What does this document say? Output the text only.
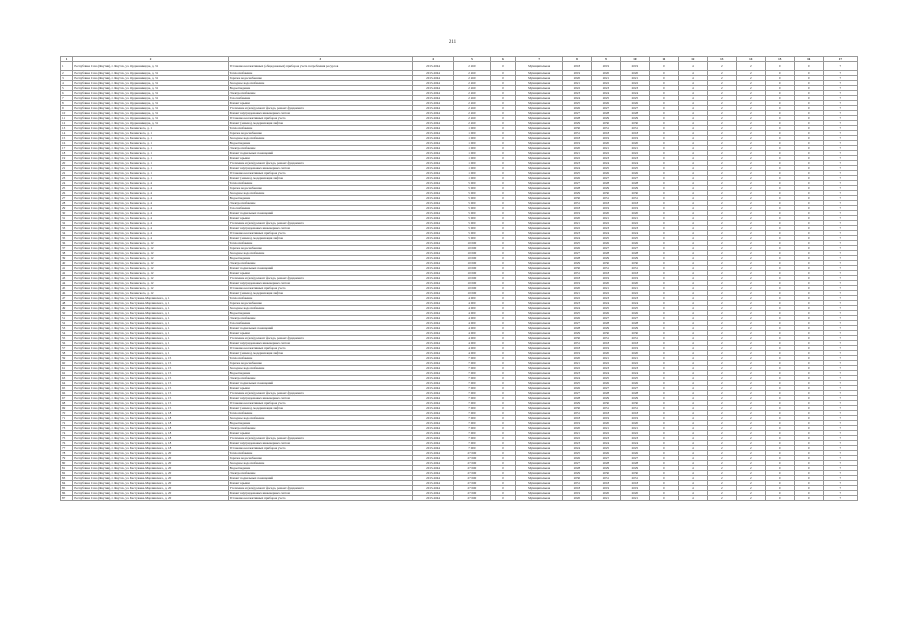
211
1	2	3	4	5	6	7	8	9	10	11	12	13	14	15	16	17
1	Республика Саха (Якутия), г. Якутск, ул. Орджоникидзе, д. 31	Установка коллективных (общедомовых) приборов учета потребления ресурсов	2015-2044	2 260	0	Муниципальная	2018	2019	2019	0	4	2	2	0	0	7
2	Республика Саха (Якутия), г. Якутск, ул. Орджоникидзе, д. 31	Теплоснабжение	2015-2044	2 260	0	Муниципальная	2019	2020	2020	0	4	2	2	0	0	7
3	Республика Саха (Якутия), г. Якутск, ул. Орджоникидзе, д. 31	Горячее водоснабжение	2015-2044	2 260	0	Муниципальная	2020	2021	2021	0	4	2	2	0	0	7
4	Республика Саха (Якутия), г. Якутск, ул. Орджоникидзе, д. 31	Холодное водоснабжение	2015-2044	2 260	0	Муниципальная	2021	2022	2022	0	4	2	2	0	0	7
5	Республика Саха (Якутия), г. Якутск, ул. Орджоникидзе, д. 31	Водоотведение	2015-2044	2 260	0	Муниципальная	2022	2023	2023	0	4	2	2	0	0	7
6	Республика Саха (Якутия), г. Якутск, ул. Орджоникидзе, д. 31	Электроснабжение	2015-2044	2 260	0	Муниципальная	2023	2024	2024	0	4	2	2	0	0	7
7	Республика Саха (Якутия), г. Якутск, ул. Орджоникидзе, д. 31	Газоснабжение	2015-2044	2 260	0	Муниципальная	2024	2025	2025	0	4	2	2	0	0	7
8	Республика Саха (Якутия), г. Якутск, ул. Орджоникидзе, д. 31	Ремонт крыши	2015-2044	2 260	0	Муниципальная	2025	2026	2026	0	4	2	2	0	0	7
9	Республика Саха (Якутия), г. Якутск, ул. Орджоникидзе, д. 31	Утепление и (или) ремонт фасада, ремонт фундамента	2015-2044	2 260	0	Муниципальная	2026	2027	2027	0	4	2	2	0	0	7
10	Республика Саха (Якутия), г. Якутск, ул. Орджоникидзе, д. 31	Ремонт внутридомовых инженерных систем	2015-2044	2 260	0	Муниципальная	2027	2028	2028	0	4	2	2	0	0	7
11	Республика Саха (Якутия), г. Якутск, ул. Орджоникидзе, д. 31	Установка коллективных приборов учета	2015-2044	2 260	0	Муниципальная	2028	2029	2029	0	4	2	2	0	0	7
12	Республика Саха (Якутия), г. Якутск, ул. Орджоникидзе, д. 31	Ремонт (замена), модернизация лифтов	2015-2044	2 260	0	Муниципальная	2029	2030	2030	0	4	2	2	0	0	7
13	Республика Саха (Якутия), г. Якутск, ул. Белинского, д. 1	Теплоснабжение	2015-2044	1 000	0	Муниципальная	2030	2031	2031	0	4	2	2	0	0	7
14	Республика Саха (Якутия), г. Якутск, ул. Белинского, д. 1	Горячее водоснабжение	2015-2044	1 000	0	Муниципальная	2031	2018	2018	0	4	2	2	0	0	7
15	Республика Саха (Якутия), г. Якутск, ул. Белинского, д. 1	Холодное водоснабжение	2015-2044	1 000	0	Муниципальная	2018	2019	2019	0	4	2	2	0	0	7
16	Республика Саха (Якутия), г. Якутск, ул. Белинского, д. 1	Водоотведение	2015-2044	1 000	0	Муниципальная	2019	2020	2020	0	4	2	2	0	0	7
17	Республика Саха (Якутия), г. Якутск, ул. Белинского, д. 1	Электроснабжение	2015-2044	1 000	0	Муниципальная	2020	2021	2021	0	4	2	2	0	0	7
18	Республика Саха (Якутия), г. Якутск, ул. Белинского, д. 1	Ремонт подвальных помещений	2015-2044	1 000	0	Муниципальная	2021	2022	2022	0	4	2	2	0	0	7
19	Республика Саха (Якутия), г. Якутск, ул. Белинского, д. 1	Ремонт крыши	2015-2044	1 000	0	Муниципальная	2022	2023	2023	0	4	2	2	0	0	7
20	Республика Саха (Якутия), г. Якутск, ул. Белинского, д. 1	Утепление и (или) ремонт фасада, ремонт фундамента	2015-2044	1 000	0	Муниципальная	2023	2024	2024	0	4	2	2	0	0	7
21	Республика Саха (Якутия), г. Якутск, ул. Белинского, д. 1	Ремонт внутридомовых инженерных систем	2015-2044	1 000	0	Муниципальная	2024	2025	2025	0	4	2	2	0	0	7
22	Республика Саха (Якутия), г. Якутск, ул. Белинского, д. 1	Установка коллективных приборов учета	2015-2044	1 000	0	Муниципальная	2025	2026	2026	0	4	2	2	0	0	7
23	Республика Саха (Якутия), г. Якутск, ул. Белинского, д. 1	Ремонт (замена), модернизация лифтов	2015-2044	1 000	0	Муниципальная	2026	2027	2027	0	4	2	2	0	0	7
24	Республика Саха (Якутия), г. Якутск, ул. Белинского, д. 4	Теплоснабжение	2015-2044	5 000	0	Муниципальная	2027	2028	2028	0	4	2	2	0	0	7
25	Республика Саха (Якутия), г. Якутск, ул. Белинского, д. 4	Горячее водоснабжение	2015-2044	5 000	0	Муниципальная	2028	2029	2029	0	4	2	2	0	0	7
26	Республика Саха (Якутия), г. Якутск, ул. Белинского, д. 4	Холодное водоснабжение	2015-2044	5 000	0	Муниципальная	2029	2030	2030	0	4	2	2	0	0	7
27	Республика Саха (Якутия), г. Якутск, ул. Белинского, д. 4	Водоотведение	2015-2044	5 000	0	Муниципальная	2030	2031	2031	0	4	2	2	0	0	7
28	Республика Саха (Якутия), г. Якутск, ул. Белинского, д. 4	Электроснабжение	2015-2044	5 000	0	Муниципальная	2031	2018	2018	0	4	2	2	0	0	7
29	Республика Саха (Якутия), г. Якутск, ул. Белинского, д. 4	Газоснабжение	2015-2044	5 000	0	Муниципальная	2018	2019	2019	0	4	2	2	0	0	7
30	Республика Саха (Якутия), г. Якутск, ул. Белинского, д. 4	Ремонт подвальных помещений	2015-2044	5 000	0	Муниципальная	2019	2020	2020	0	4	2	2	0	0	7
31	Республика Саха (Якутия), г. Якутск, ул. Белинского, д. 4	Ремонт крыши	2015-2044	5 000	0	Муниципальная	2020	2021	2021	0	4	2	2	0	0	7
32	Республика Саха (Якутия), г. Якутск, ул. Белинского, д. 4	Утепление и (или) ремонт фасада, ремонт фундамента	2015-2044	5 000	0	Муниципальная	2021	2022	2022	0	4	2	2	0	0	7
33	Республика Саха (Якутия), г. Якутск, ул. Белинского, д. 4	Ремонт внутридомовых инженерных систем	2015-2044	5 000	0	Муниципальная	2022	2023	2023	0	4	2	2	0	0	7
34	Республика Саха (Якутия), г. Якутск, ул. Белинского, д. 4	Установка коллективных приборов учета	2015-2044	5 000	0	Муниципальная	2023	2024	2024	0	4	2	2	0	0	7
35	Республика Саха (Якутия), г. Якутск, ул. Белинского, д. 4	Ремонт (замена), модернизация лифтов	2015-2044	5 000	0	Муниципальная	2024	2025	2025	0	4	2	2	0	0	7
36	Республика Саха (Якутия), г. Якутск, ул. Белинского, д. 12	Теплоснабжение	2015-2044	10 000	0	Муниципальная	2025	2026	2026	0	4	2	2	0	0	7
37	Республика Саха (Якутия), г. Якутск, ул. Белинского, д. 12	Горячее водоснабжение	2015-2044	10 000	0	Муниципальная	2026	2027	2027	0	4	2	2	0	0	7
38	Республика Саха (Якутия), г. Якутск, ул. Белинского, д. 12	Холодное водоснабжение	2015-2044	10 000	0	Муниципальная	2027	2028	2028	0	4	2	2	0	0	7
39	Республика Саха (Якутия), г. Якутск, ул. Белинского, д. 12	Водоотведение	2015-2044	10 000	0	Муниципальная	2028	2029	2029	0	4	2	2	0	0	7
40	Республика Саха (Якутия), г. Якутск, ул. Белинского, д. 12	Электроснабжение	2015-2044	10 000	0	Муниципальная	2029	2030	2030	0	4	2	2	0	0	7
41	Республика Саха (Якутия), г. Якутск, ул. Белинского, д. 12	Ремонт подвальных помещений	2015-2044	10 000	0	Муниципальная	2030	2031	2031	0	4	2	2	0	0	7
42	Республика Саха (Якутия), г. Якутск, ул. Белинского, д. 12	Ремонт крыши	2015-2044	10 000	0	Муниципальная	2031	2018	2018	0	4	2	2	0	0	7
43	Республика Саха (Якутия), г. Якутск, ул. Белинского, д. 12	Утепление и (или) ремонт фасада, ремонт фундамента	2015-2044	10 000	0	Муниципальная	2018	2019	2019	0	4	2	2	0	0	7
44	Республика Саха (Якутия), г. Якутск, ул. Белинского, д. 12	Ремонт внутридомовых инженерных систем	2015-2044	10 000	0	Муниципальная	2019	2020	2020	0	4	2	2	0	0	7
45	Республика Саха (Якутия), г. Якутск, ул. Белинского, д. 12	Установка коллективных приборов учета	2015-2044	10 000	0	Муниципальная	2020	2021	2021	0	4	2	2	0	0	7
46	Республика Саха (Якутия), г. Якутск, ул. Белинского, д. 12	Ремонт (замена), модернизация лифтов	2015-2044	10 000	0	Муниципальная	2021	2022	2022	0	4	2	2	0	0	7
47	Республика Саха (Якутия), г. Якутск, ул. Бестужева-Марлинского, д. 1	Теплоснабжение	2015-2044	4 000	0	Муниципальная	2022	2023	2023	0	4	2	2	0	0	7
48	Республика Саха (Якутия), г. Якутск, ул. Бестужева-Марлинского, д. 1	Горячее водоснабжение	2015-2044	4 000	0	Муниципальная	2023	2024	2024	0	4	2	2	0	0	7
49	Республика Саха (Якутия), г. Якутск, ул. Бестужева-Марлинского, д. 1	Холодное водоснабжение	2015-2044	4 000	0	Муниципальная	2024	2025	2025	0	4	2	2	0	0	7
50	Республика Саха (Якутия), г. Якутск, ул. Бестужева-Марлинского, д. 1	Водоотведение	2015-2044	4 000	0	Муниципальная	2025	2026	2026	0	4	2	2	0	0	7
51	Республика Саха (Якутия), г. Якутск, ул. Бестужева-Марлинского, д. 1	Электроснабжение	2015-2044	4 000	0	Муниципальная	2026	2027	2027	0	4	2	2	0	0	7
52	Республика Саха (Якутия), г. Якутск, ул. Бестужева-Марлинского, д. 1	Газоснабжение	2015-2044	4 000	0	Муниципальная	2027	2028	2028	0	4	2	2	0	0	7
53	Республика Саха (Якутия), г. Якутск, ул. Бестужева-Марлинского, д. 1	Ремонт подвальных помещений	2015-2044	4 000	0	Муниципальная	2028	2029	2029	0	4	2	2	0	0	7
54	Республика Саха (Якутия), г. Якутск, ул. Бестужева-Марлинского, д. 1	Ремонт крыши	2015-2044	4 000	0	Муниципальная	2029	2030	2030	0	4	2	2	0	0	7
55	Республика Саха (Якутия), г. Якутск, ул. Бестужева-Марлинского, д. 1	Утепление и (или) ремонт фасада, ремонт фундамента	2015-2044	4 000	0	Муниципальная	2030	2031	2031	0	4	2	2	0	0	7
56	Республика Саха (Якутия), г. Якутск, ул. Бестужева-Марлинского, д. 1	Ремонт внутридомовых инженерных систем	2015-2044	4 000	0	Муниципальная	2031	2018	2018	0	4	2	2	0	0	7
57	Республика Саха (Якутия), г. Якутск, ул. Бестужева-Марлинского, д. 1	Установка коллективных приборов учета	2015-2044	4 000	0	Муниципальная	2018	2019	2019	0	4	2	2	0	0	7
58	Республика Саха (Якутия), г. Якутск, ул. Бестужева-Марлинского, д. 1	Ремонт (замена), модернизация лифтов	2015-2044	4 000	0	Муниципальная	2019	2020	2020	0	4	2	2	0	0	7
59	Республика Саха (Якутия), г. Якутск, ул. Бестужева-Марлинского, д. 15	Теплоснабжение	2015-2044	7 000	0	Муниципальная	2020	2021	2021	0	4	2	2	0	0	7
60	Республика Саха (Якутия), г. Якутск, ул. Бестужева-Марлинского, д. 15	Горячее водоснабжение	2015-2044	7 000	0	Муниципальная	2021	2022	2022	0	4	2	2	0	0	7
61	Республика Саха (Якутия), г. Якутск, ул. Бестужева-Марлинского, д. 15	Холодное водоснабжение	2015-2044	7 000	0	Муниципальная	2022	2023	2023	0	4	2	2	0	0	7
62	Республика Саха (Якутия), г. Якутск, ул. Бестужева-Марлинского, д. 15	Водоотведение	2015-2044	7 000	0	Муниципальная	2023	2024	2024	0	4	2	2	0	0	7
63	Республика Саха (Якутия), г. Якутск, ул. Бестужева-Марлинского, д. 15	Электроснабжение	2015-2044	7 000	0	Муниципальная	2024	2025	2025	0	4	2	2	0	0	7
64	Республика Саха (Якутия), г. Якутск, ул. Бестужева-Марлинского, д. 15	Ремонт подвальных помещений	2015-2044	7 000	0	Муниципальная	2025	2026	2026	0	4	2	2	0	0	7
65	Республика Саха (Якутия), г. Якутск, ул. Бестужева-Марлинского, д. 15	Ремонт крыши	2015-2044	7 000	0	Муниципальная	2026	2027	2027	0	4	2	2	0	0	7
66	Республика Саха (Якутия), г. Якутск, ул. Бестужева-Марлинского, д. 15	Утепление и (или) ремонт фасада, ремонт фундамента	2015-2044	7 000	0	Муниципальная	2027	2028	2028	0	4	2	2	0	0	7
67	Республика Саха (Якутия), г. Якутск, ул. Бестужева-Марлинского, д. 15	Ремонт внутридомовых инженерных систем	2015-2044	7 000	0	Муниципальная	2028	2029	2029	0	4	2	2	0	0	7
68	Республика Саха (Якутия), г. Якутск, ул. Бестужева-Марлинского, д. 15	Установка коллективных приборов учета	2015-2044	7 000	0	Муниципальная	2029	2030	2030	0	4	2	2	0	0	7
69	Республика Саха (Якутия), г. Якутск, ул. Бестужева-Марлинского, д. 15	Ремонт (замена), модернизация лифтов	2015-2044	7 000	0	Муниципальная	2030	2031	2031	0	4	2	2	0	0	7
70	Республика Саха (Якутия), г. Якутск, ул. Бестужева-Марлинского, д. 18	Теплоснабжение	2015-2044	7 000	0	Муниципальная	2031	2018	2018	0	4	2	2	0	0	7
71	Республика Саха (Якутия), г. Якутск, ул. Бестужева-Марлинского, д. 18	Холодное водоснабжение	2015-2044	7 000	0	Муниципальная	2018	2019	2019	0	4	2	2	0	0	7
72	Республика Саха (Якутия), г. Якутск, ул. Бестужева-Марлинского, д. 18	Водоотведение	2015-2044	7 000	0	Муниципальная	2019	2020	2020	0	4	2	2	0	0	7
73	Республика Саха (Якутия), г. Якутск, ул. Бестужева-Марлинского, д. 18	Электроснабжение	2015-2044	7 000	0	Муниципальная	2020	2021	2021	0	4	2	2	0	0	7
74	Республика Саха (Якутия), г. Якутск, ул. Бестужева-Марлинского, д. 18	Ремонт крыши	2015-2044	7 000	0	Муниципальная	2021	2022	2022	0	4	2	2	0	0	7
75	Республика Саха (Якутия), г. Якутск, ул. Бестужева-Марлинского, д. 18	Утепление и (или) ремонт фасада, ремонт фундамента	2015-2044	7 000	0	Муниципальная	2022	2023	2023	0	4	2	2	0	0	7
76	Республика Саха (Якутия), г. Якутск, ул. Бестужева-Марлинского, д. 18	Ремонт внутридомовых инженерных систем	2015-2044	7 000	0	Муниципальная	2023	2024	2024	0	4	2	2	0	0	7
77	Республика Саха (Якутия), г. Якутск, ул. Бестужева-Марлинского, д. 18	Установка коллективных приборов учета	2015-2044	7 000	0	Муниципальная	2024	2025	2025	0	4	2	2	0	0	7
78	Республика Саха (Якутия), г. Якутск, ул. Бестужева-Марлинского, д. 20	Теплоснабжение	2015-2044	27 000	0	Муниципальная	2025	2026	2026	0	4	2	2	0	0	7
79	Республика Саха (Якутия), г. Якутск, ул. Бестужева-Марлинского, д. 20	Горячее водоснабжение	2015-2044	27 000	0	Муниципальная	2026	2027	2027	0	4	2	2	0	0	7
80	Республика Саха (Якутия), г. Якутск, ул. Бестужева-Марлинского, д. 20	Холодное водоснабжение	2015-2044	27 000	0	Муниципальная	2027	2028	2028	0	4	2	2	0	0	7
81	Республика Саха (Якутия), г. Якутск, ул. Бестужева-Марлинского, д. 20	Водоотведение	2015-2044	27 000	0	Муниципальная	2028	2029	2029	0	4	2	2	0	0	7
82	Республика Саха (Якутия), г. Якутск, ул. Бестужева-Марлинского, д. 20	Электроснабжение	2015-2044	27 000	0	Муниципальная	2029	2030	2030	0	4	2	2	0	0	7
83	Республика Саха (Якутия), г. Якутск, ул. Бестужева-Марлинского, д. 20	Ремонт подвальных помещений	2015-2044	27 000	0	Муниципальная	2030	2031	2031	0	4	2	2	0	0	7
84	Республика Саха (Якутия), г. Якутск, ул. Бестужева-Марлинского, д. 20	Ремонт крыши	2015-2044	27 000	0	Муниципальная	2031	2018	2018	0	4	2	2	0	0	7
85	Республика Саха (Якутия), г. Якутск, ул. Бестужева-Марлинского, д. 20	Утепление и (или) ремонт фасада, ремонт фундамента	2015-2044	27 000	0	Муниципальная	2018	2019	2019	0	4	2	2	0	0	7
86	Республика Саха (Якутия), г. Якутск, ул. Бестужева-Марлинского, д. 20	Ремонт внутридомовых инженерных систем	2015-2044	27 000	0	Муниципальная	2019	2020	2020	0	4	2	2	0	0	7
87	Республика Саха (Якутия), г. Якутск, ул. Бестужева-Марлинского, д. 20	Установка коллективных приборов учета	2015-2044	27 000	0	Муниципальная	2020	2021	2021	0	4	2	2	0	0	7
